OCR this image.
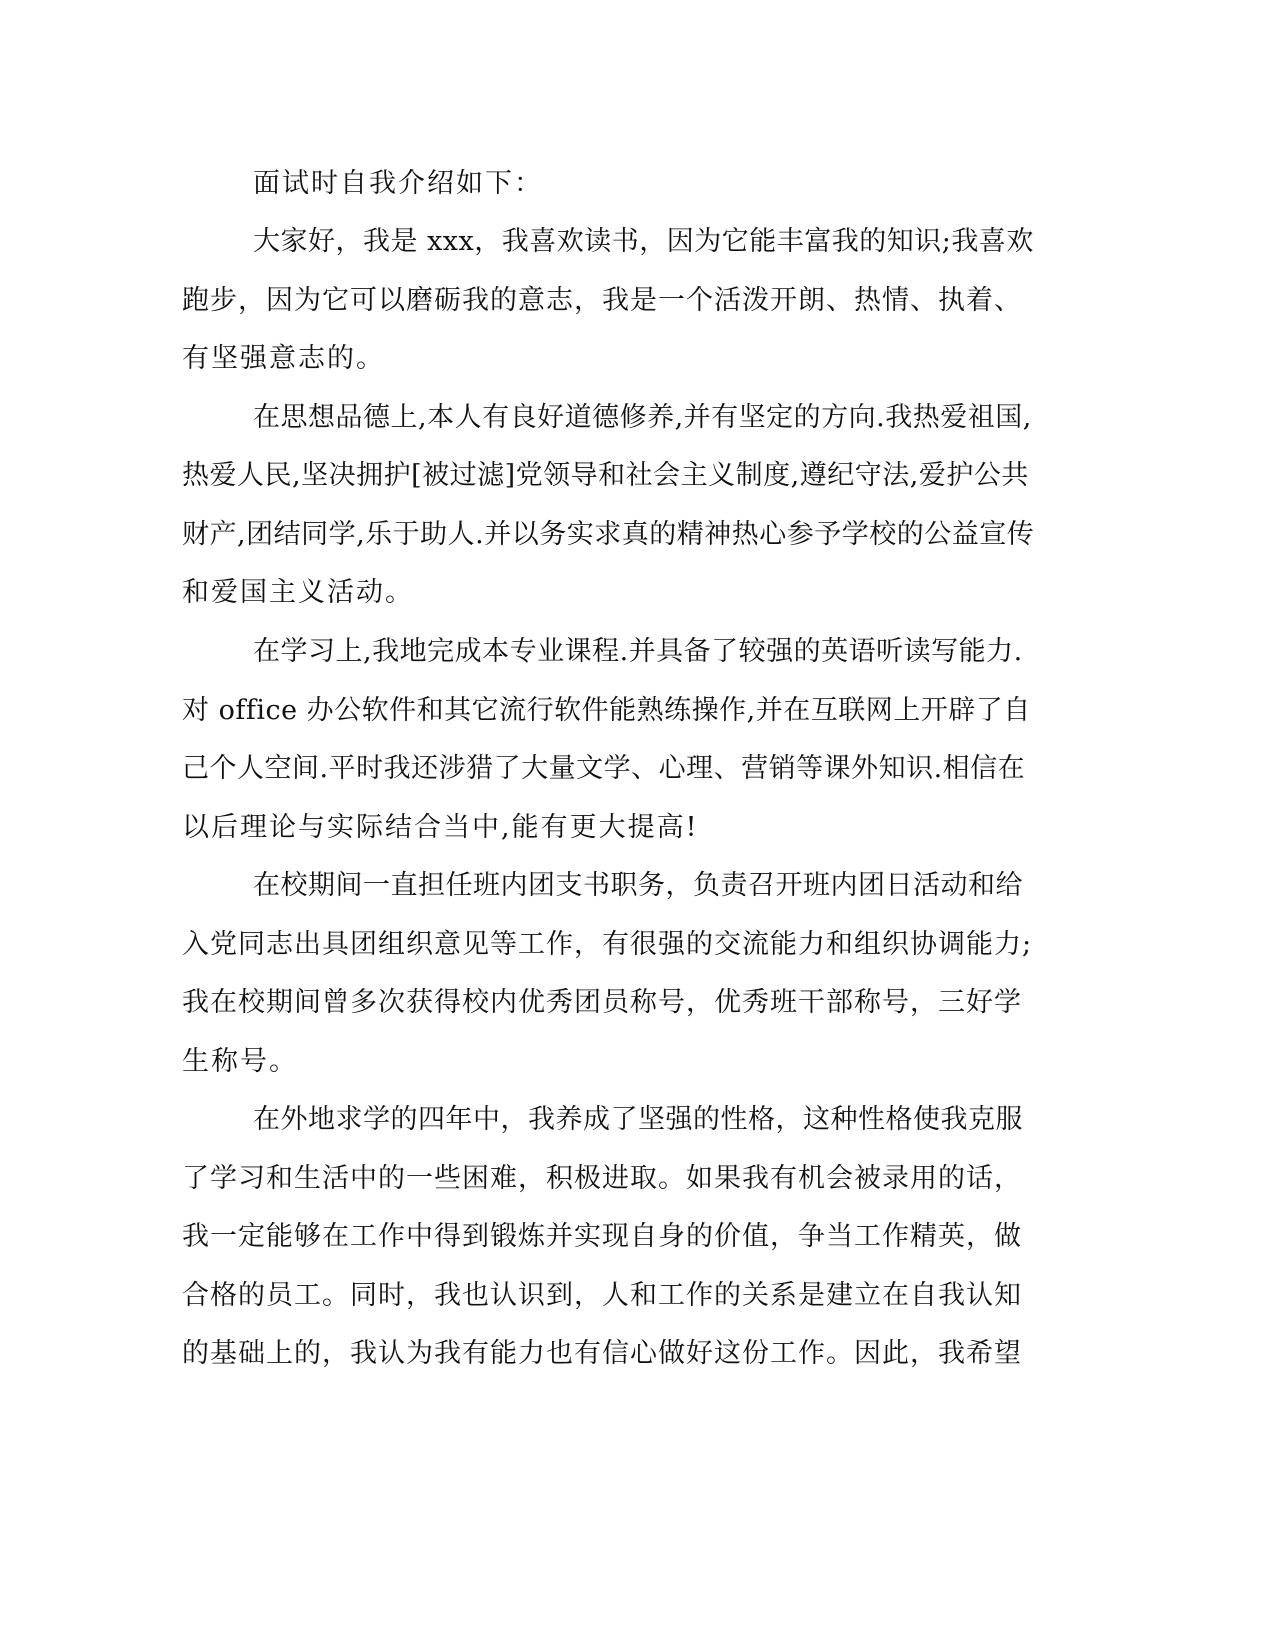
面试时自我介绍如下：
大家好，我是 xxx，我喜欢读书，因为它能丰富我的知识;我喜欢
跑步，因为它可以磨砺我的意志，我是一个活泼开朗、热情、执着、
有坚强意志的。
在思想品德上,本人有良好道德修养,并有坚定的方向.我热爱祖国,
热爱人民,坚决拥护[被过滤]党领导和社会主义制度,遵纪守法,爱护公共
财产,团结同学,乐于助人.并以务实求真的精神热心参予学校的公益宣传
和爱国主义活动。
在学习上,我地完成本专业课程.并具备了较强的英语听读写能力.
对 office 办公软件和其它流行软件能熟练操作,并在互联网上开辟了自
己个人空间.平时我还涉猎了大量文学、心理、营销等课外知识.相信在
以后理论与实际结合当中,能有更大提高!
在校期间一直担任班内团支书职务，负责召开班内团日活动和给
入党同志出具团组织意见等工作，有很强的交流能力和组织协调能力;
我在校期间曾多次获得校内优秀团员称号，优秀班干部称号，三好学
生称号。
在外地求学的四年中，我养成了坚强的性格，这种性格使我克服
了学习和生活中的一些困难，积极进取。如果我有机会被录用的话，
我一定能够在工作中得到锻炼并实现自身的价值，争当工作精英，做
合格的员工。同时，我也认识到，人和工作的关系是建立在自我认知
的基础上的，我认为我有能力也有信心做好这份工作。因此，我希望
